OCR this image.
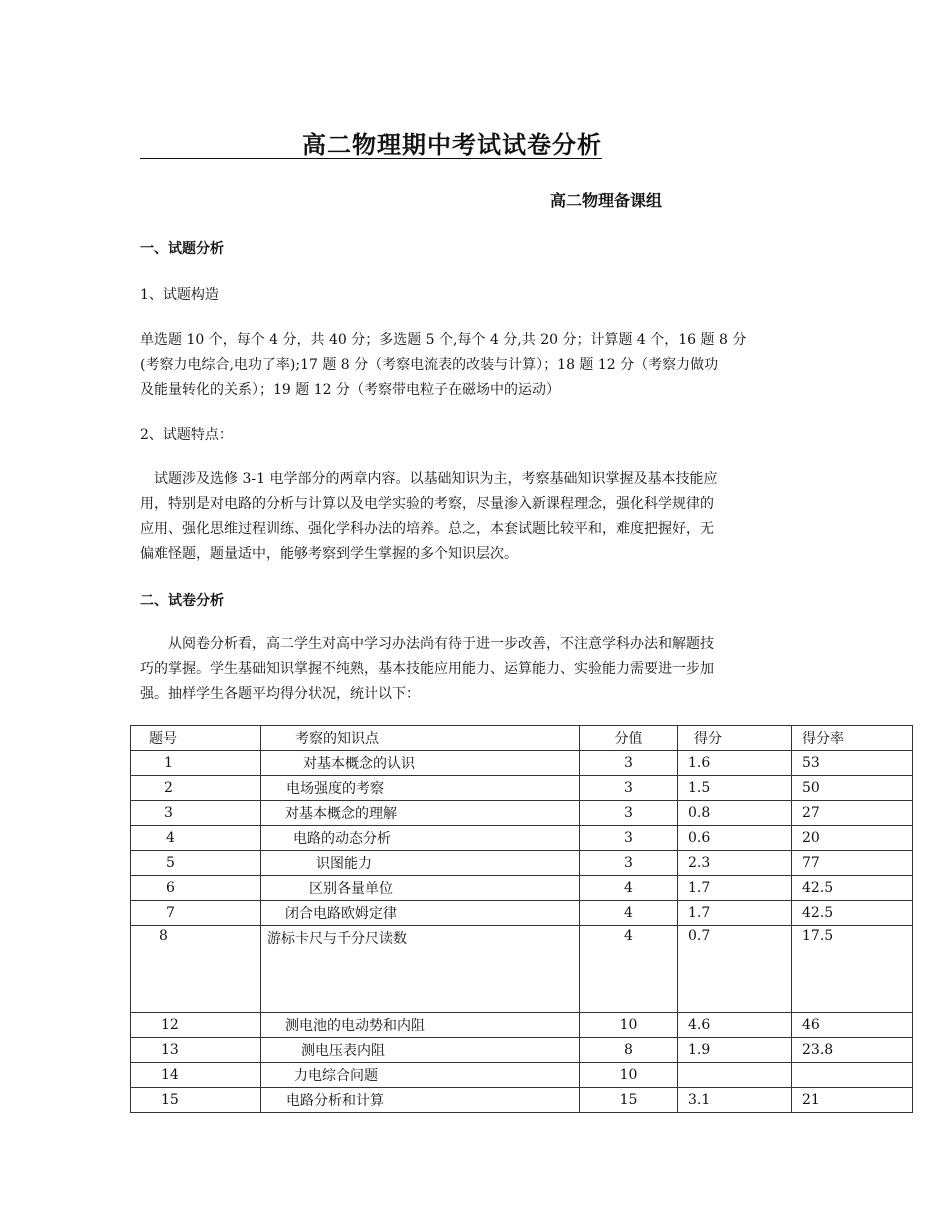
高二物理期中考试试卷分析
高二物理备课组
一、试题分析
1、试题构造
单选题 10 个，每个 4 分，共 40 分；多选题 5 个,每个 4 分,共 20 分；计算题 4 个，16 题 8 分
(考察力电综合,电功了率);17 题 8 分（考察电流表的改装与计算）；18 题 12 分（考察力做功
及能量转化的关系）；19 题 12 分（考察带电粒子在磁场中的运动）
2、试题特点：
试题涉及选修 3-1 电学部分的两章内容。以基础知识为主，考察基础知识掌握及基本技能应
用，特别是对电路的分析与计算以及电学实验的考察，尽量渗入新课程理念，强化科学规律的
应用、强化思维过程训练、强化学科办法的培养。总之，本套试题比较平和，难度把握好，无
偏难怪题，题量适中，能够考察到学生掌握的多个知识层次。
二、试卷分析
从阅卷分析看，高二学生对高中学习办法尚有待于进一步改善，不注意学科办法和解题技
巧的掌握。学生基础知识掌握不纯熟，基本技能应用能力、运算能力、实验能力需要进一步加
强。抽样学生各题平均得分状况，统计以下：
题号	考察的知识点	分值	得分	得分率
1	对基本概念的认识	3	1.6	53
2	电场强度的考察	3	1.5	50
3	对基本概念的理解	3	0.8	27
4	电路的动态分析	3	0.6	20
5	识图能力	3	2.3	77
6	区别各量单位	4	1.7	42.5
7	闭合电路欧姆定律	4	1.7	42.5
8	游标卡尺与千分尺读数	4	0.7	17.5
12	测电池的电动势和内阻	10	4.6	46
13	测电压表内阻	8	1.9	23.8
14	力电综合问题	10		
15	电路分析和计算	15	3.1	21
